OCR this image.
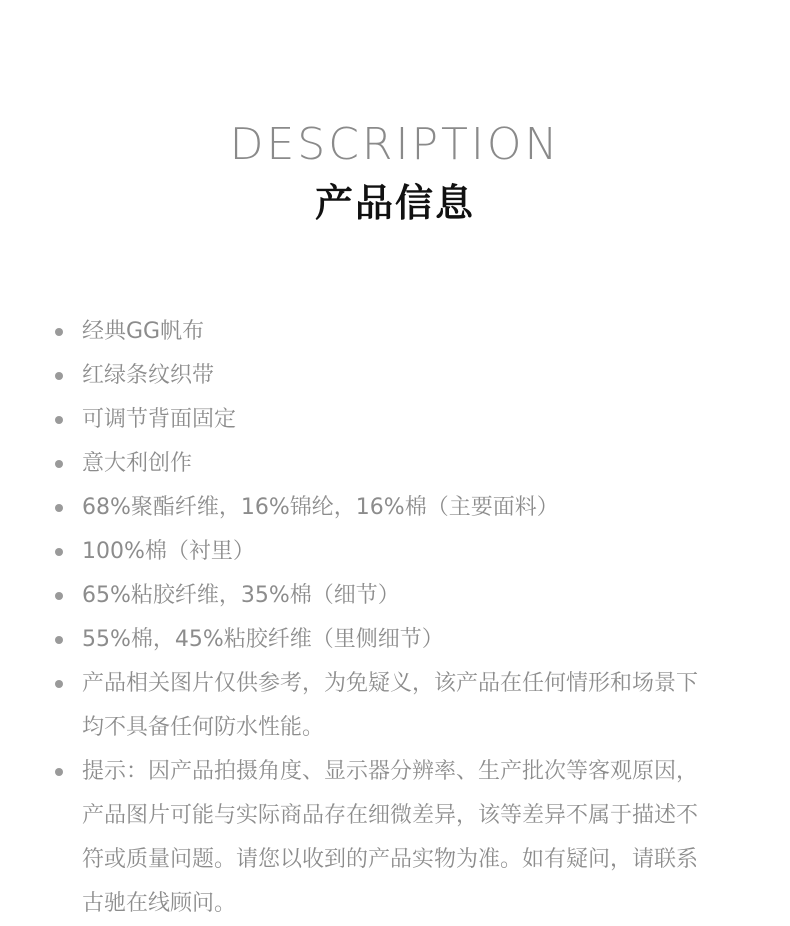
DESCRIPTION
产品信息
经典GG帆布
红绿条纹织带
可调节背面固定
意大利创作
68%聚酯纤维，16%锦纶，16%棉（主要面料）
100%棉（衬里）
65%粘胶纤维，35%棉（细节）
55%棉，45%粘胶纤维（里侧细节）
产品相关图片仅供参考，为免疑义，该产品在任何情形和场景下均不具备任何防水性能。
提示：因产品拍摄角度、显示器分辨率、生产批次等客观原因，产品图片可能与实际商品存在细微差异，该等差异不属于描述不符或质量问题。请您以收到的产品实物为准。如有疑问，请联系古驰在线顾问。
